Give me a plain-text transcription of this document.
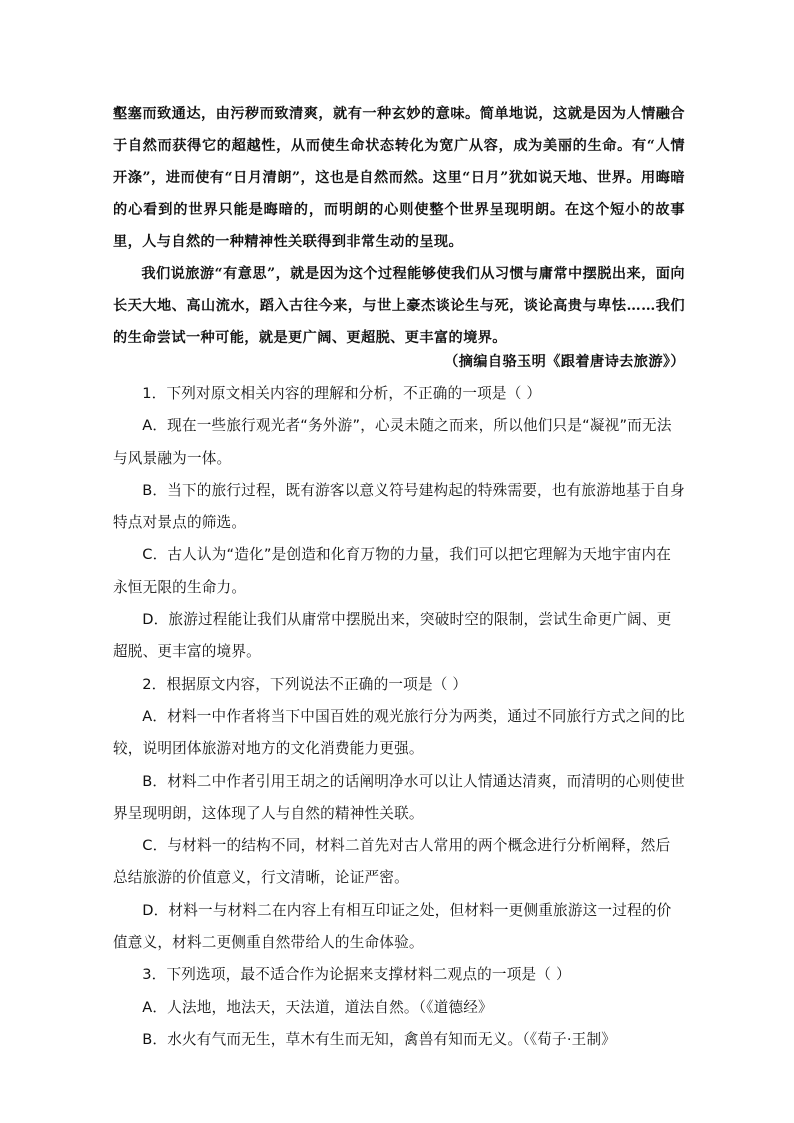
壑塞而致通达，由污秽而致清爽，就有一种玄妙的意味。简单地说，这就是因为人情融合于自然而获得它的超越性，从而使生命状态转化为宽广从容，成为美丽的生命。有“人情开涤”，进而使有“日月清朗”，这也是自然而然。这里“日月”犹如说天地、世界。用晦暗的心看到的世界只能是晦暗的，而明朗的心则使整个世界呈现明朗。在这个短小的故事里，人与自然的一种精神性关联得到非常生动的呈现。

我们说旅游“有意思”，就是因为这个过程能够使我们从习惯与庸常中摆脱出来，面向长天大地、高山流水，蹈入古往今来，与世上豪杰谈论生与死，谈论高贵与卑怯……我们的生命尝试一种可能，就是更广阔、更超脱、更丰富的境界。

（摘编自骆玉明《跟着唐诗去旅游》）

1．下列对原文相关内容的理解和分析，不正确的一项是（ ）

A．现在一些旅行观光者“务外游”，心灵未随之而来，所以他们只是“凝视”而无法与风景融为一体。

B．当下的旅行过程，既有游客以意义符号建构起的特殊需要，也有旅游地基于自身特点对景点的筛选。

C．古人认为“造化”是创造和化育万物的力量，我们可以把它理解为天地宇宙内在永恒无限的生命力。

D．旅游过程能让我们从庸常中摆脱出来，突破时空的限制，尝试生命更广阔、更超脱、更丰富的境界。

2．根据原文内容，下列说法不正确的一项是（ ）

A．材料一中作者将当下中国百姓的观光旅行分为两类，通过不同旅行方式之间的比较，说明团体旅游对地方的文化消费能力更强。

B．材料二中作者引用王胡之的话阐明净水可以让人情通达清爽，而清明的心则使世界呈现明朗，这体现了人与自然的精神性关联。

C．与材料一的结构不同，材料二首先对古人常用的两个概念进行分析阐释，然后总结旅游的价值意义，行文清晰，论证严密。

D．材料一与材料二在内容上有相互印证之处，但材料一更侧重旅游这一过程的价值意义，材料二更侧重自然带给人的生命体验。

3．下列选项，最不适合作为论据来支撑材料二观点的一项是（ ）

A．人法地，地法天，天法道，道法自然。（《道德经》

B．水火有气而无生，草木有生而无知，禽兽有知而无义。（《荀子·王制》
